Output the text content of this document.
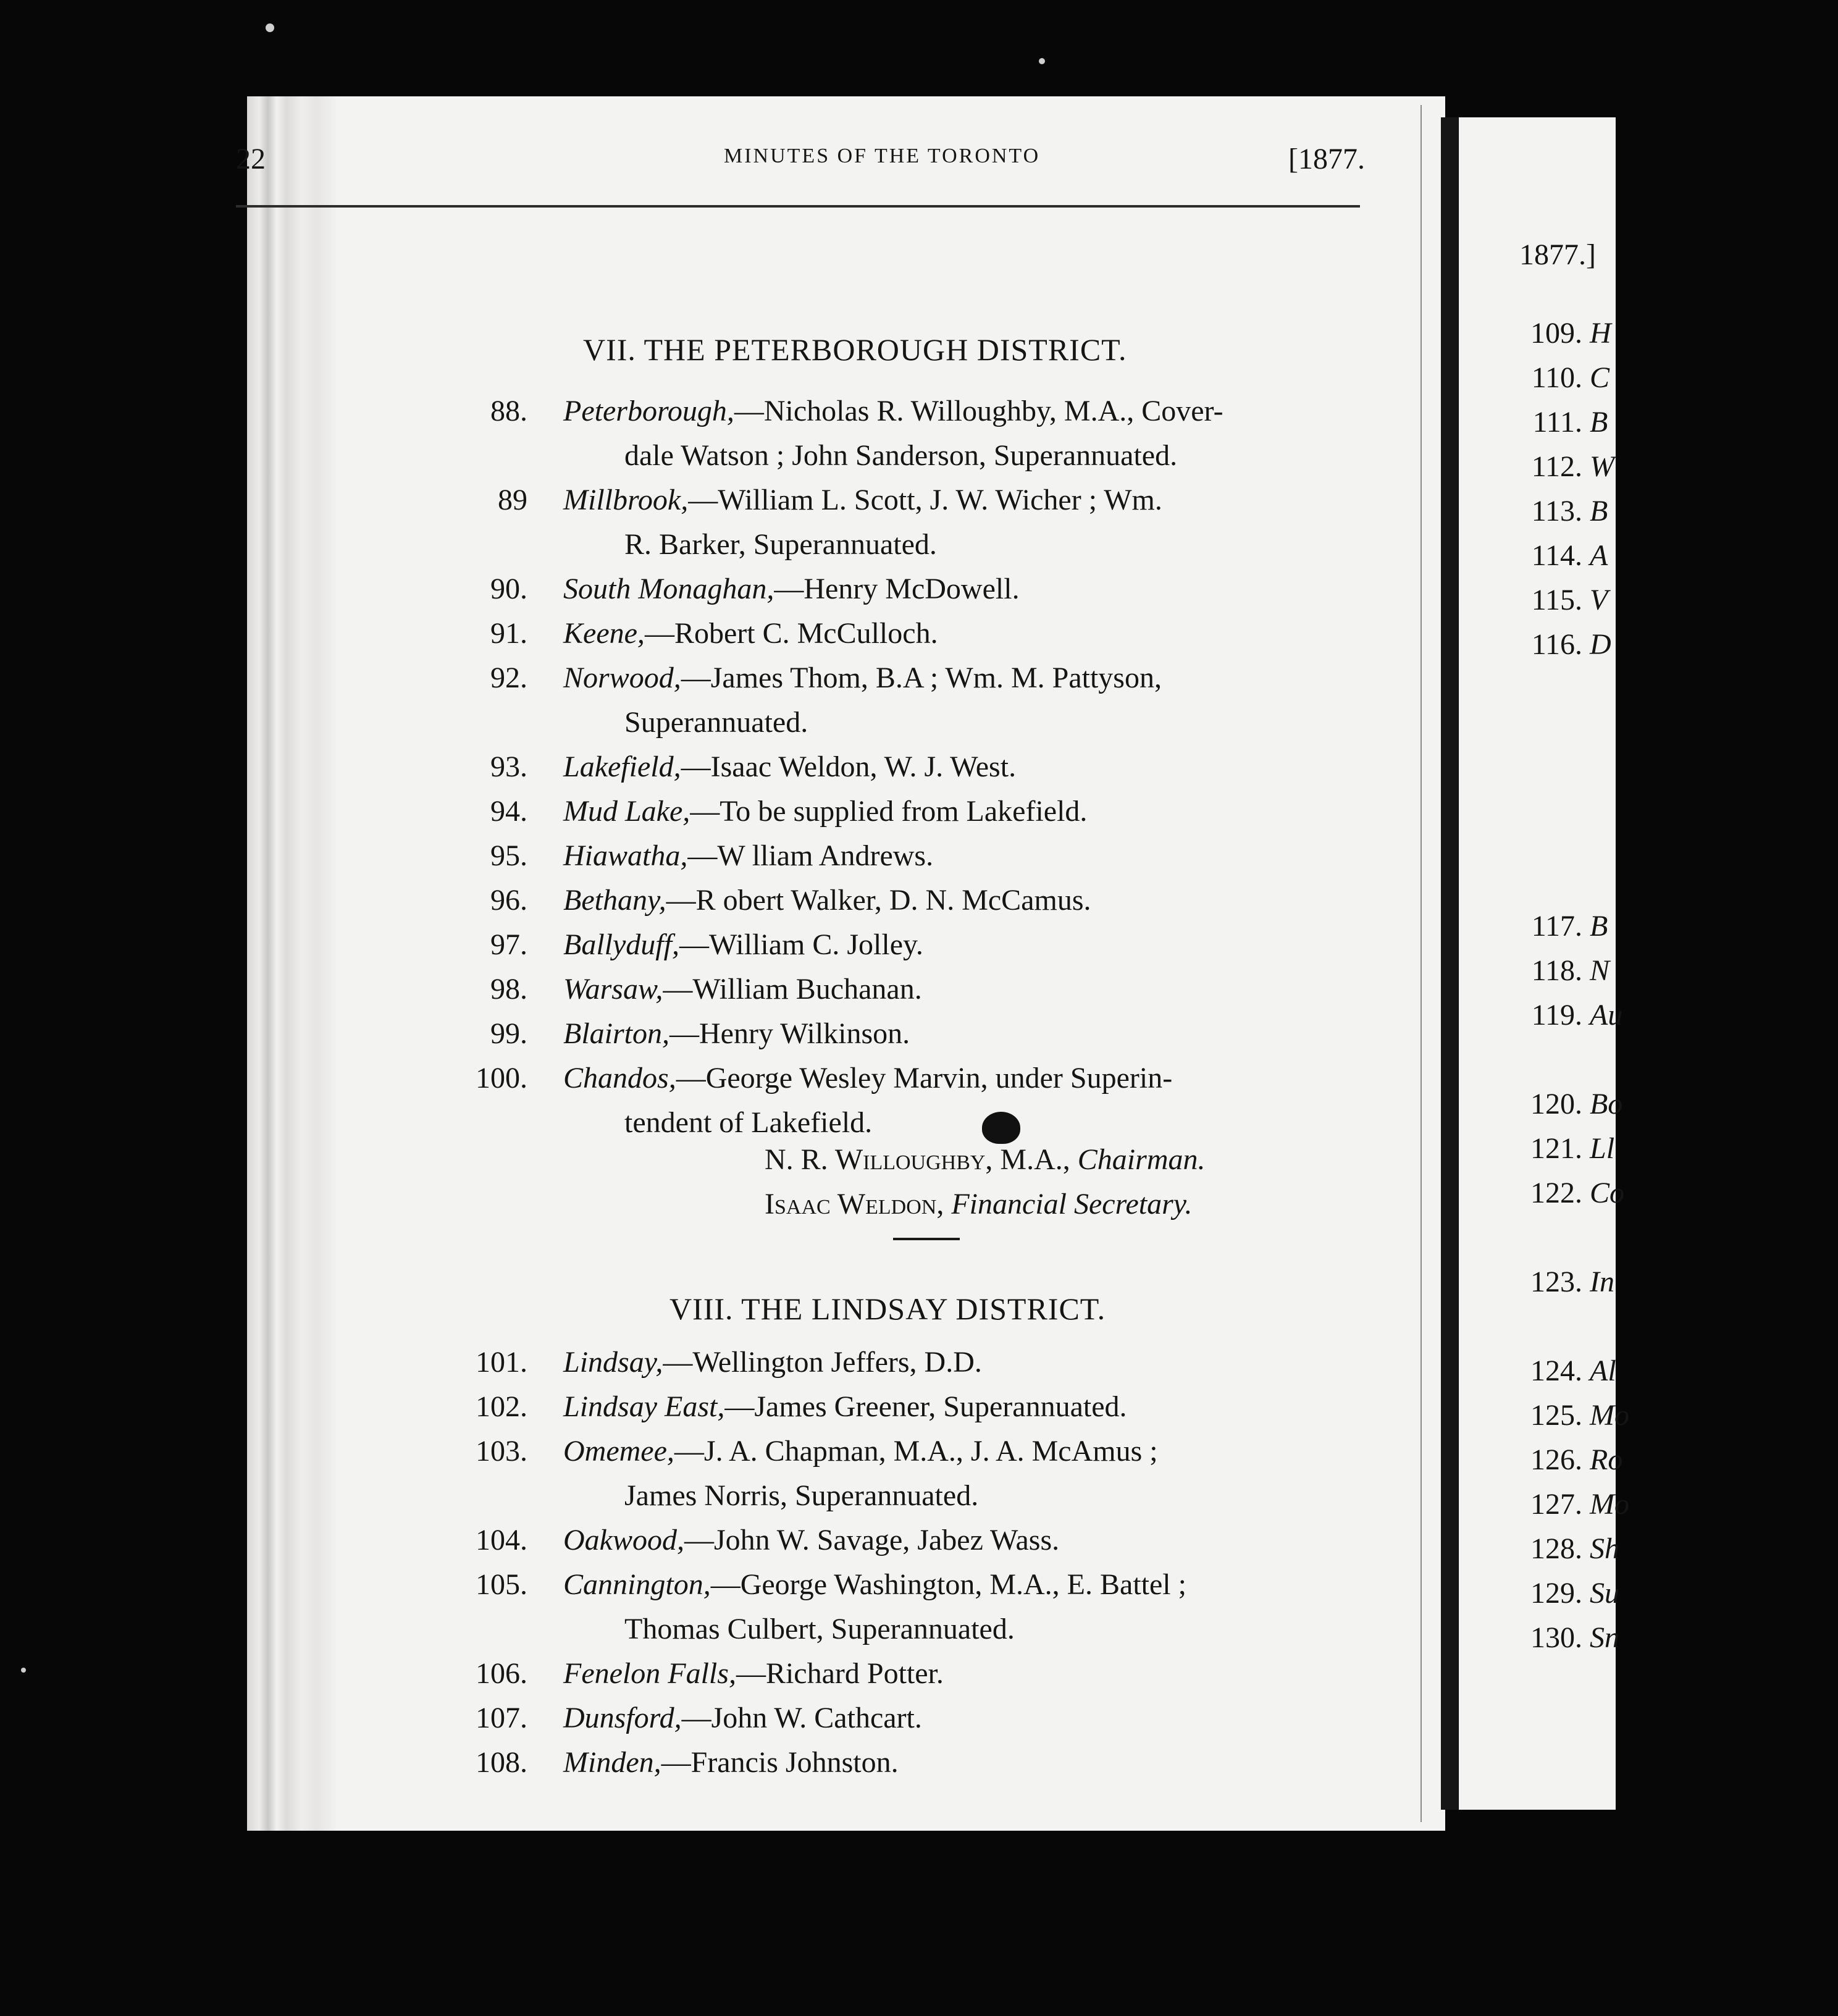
22	MINUTES OF THE TORONTO	[1877.
VII. THE PETERBOROUGH DISTRICT.
88. Peterborough,—Nicholas R. Willoughby, M.A., Cover-
dale Watson ; John Sanderson, Superannuated.
89 Millbrook,—William L. Scott, J. W. Wicher ; Wm.
R. Barker, Superannuated.
90. South Monaghan,—Henry McDowell.
91. Keene,—Robert C. McCulloch.
92. Norwood,—James Thom, B.A ; Wm. M. Pattyson,
Superannuated.
93. Lakefield,—Isaac Weldon, W. J. West.
94. Mud Lake,—To be supplied from Lakefield.
95. Hiawatha,—W lliam Andrews.
96. Bethany,—R obert Walker, D. N. McCamus.
97. Ballyduff,—William C. Jolley.
98. Warsaw,—William Buchanan.
99. Blairton,—Henry Wilkinson.
100. Chandos,—George Wesley Marvin, under Superin-
tendent of Lakefield.
N. R. Willoughby, M.A., Chairman.
Isaac Weldon, Financial Secretary.
VIII. THE LINDSAY DISTRICT.
101. Lindsay,—Wellington Jeffers, D.D.
102. Lindsay East,—James Greener, Superannuated.
103. Omemee,—J. A. Chapman, M.A., J. A. McAmus ;
James Norris, Superannuated.
104. Oakwood,—John W. Savage, Jabez Wass.
105. Cannington,—George Washington, M.A., E. Battel ;
Thomas Culbert, Superannuated.
106. Fenelon Falls,—Richard Potter.
107. Dunsford,—John W. Cathcart.
108. Minden,—Francis Johnston.
1877.]
109. H
110. C
111. B
112. W
113. B
114. A
115. V
116. D
117. B
118. N
119. Au
120. Bo
121. Ll
122. Co
123. In
124. Al
125. Mo
126. Ro
127. Mo
128. Sh
129. Su
130. Sn
